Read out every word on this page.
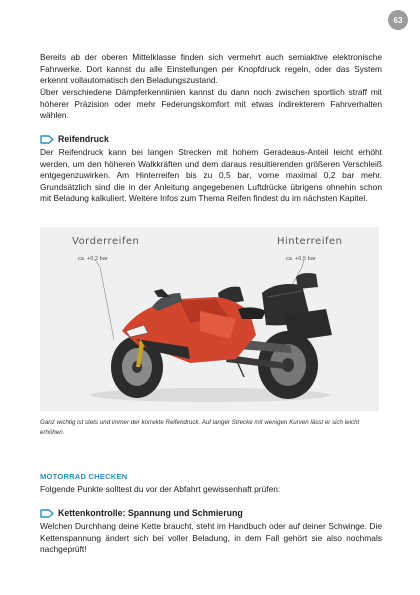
63

Bereits ab der oberen Mittelklasse finden sich vermehrt auch semiaktive elektronische Fahrwerke. Dort kannst du alle Einstellungen per Knopfdruck regeln, oder das System erkennt vollautomatisch den Beladungszustand.

Über verschiedene Dämpferkennlinien kannst du dann noch zwischen sportlich straff mit höherer Präzision oder mehr Federungskomfort mit etwas indirekterem Fahrverhalten wählen.

Reifendruck

Der Reifendruck kann bei langen Strecken mit hohem Geradeaus-Anteil leicht erhöht werden, um den höheren Walkkräften und dem daraus resultierenden größeren Verschleiß entgegenzuwirken. Am Hinterreifen bis zu 0,5 bar, vorne maximal 0,2 bar mehr. Grundsätzlich sind die in der Anleitung angegebenen Luftdrücke übrigens ohnehin schon mit Beladung kalkuliert. Weitere Infos zum Thema Reifen findest du im nächsten Kapitel.

Vorderreifen
ca. +0,2 bar
Hinterreifen
ca. +0,5 bar

Ganz wichtig ist stets und immer der korrekte Reifendruck. Auf langer Strecke mit wenigen Kurven lässt er sich leicht erhöhen.

MOTORRAD CHECKEN

Folgende Punkte solltest du vor der Abfahrt gewissenhaft prüfen:

Kettenkontrolle: Spannung und Schmierung

Welchen Durchhang deine Kette braucht, steht im Handbuch oder auf deiner Schwinge. Die Kettenspannung ändert sich bei voller Beladung, in dem Fall gehört sie also nochmals nachgeprüft!
